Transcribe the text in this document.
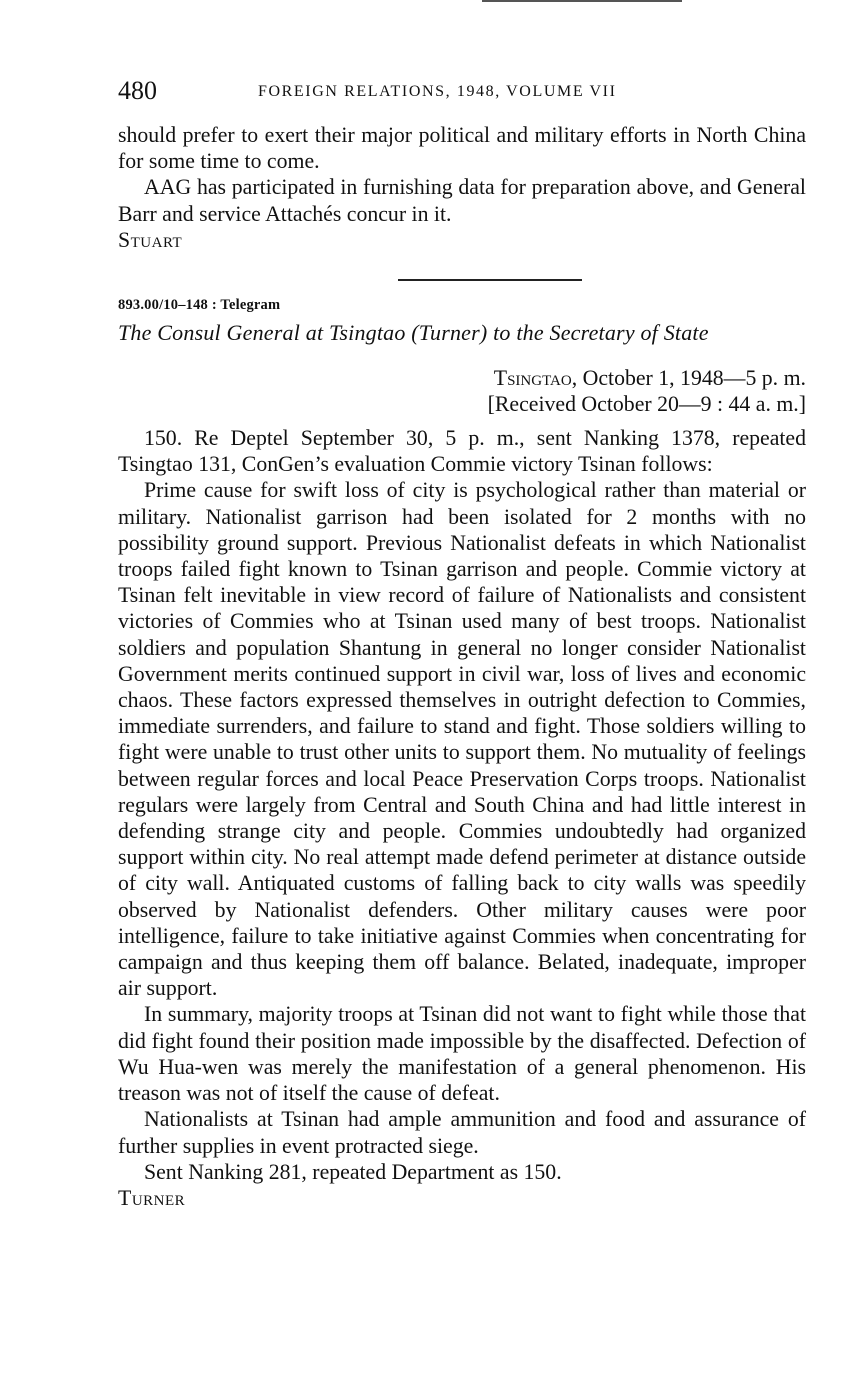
480	FOREIGN RELATIONS, 1948, VOLUME VII

should prefer to exert their major political and military efforts in North China for some time to come.

AAG has participated in furnishing data for preparation above, and General Barr and service Attachés concur in it.

Stuart

893.00/10–148 : Telegram
The Consul General at Tsingtao (Turner) to the Secretary of State
Tsingtao, October 1, 1948—5 p. m.
[Received October 20—9 : 44 a. m.]

150. Re Deptel September 30, 5 p. m., sent Nanking 1378, repeated Tsingtao 131, ConGen’s evaluation Commie victory Tsinan follows:

Prime cause for swift loss of city is psychological rather than material or military. Nationalist garrison had been isolated for 2 months with no possibility ground support. Previous Nationalist defeats in which Nationalist troops failed fight known to Tsinan garrison and people. Commie victory at Tsinan felt inevitable in view record of failure of Nationalists and consistent victories of Commies who at Tsinan used many of best troops. Nationalist soldiers and population Shantung in general no longer consider Nationalist Government merits continued support in civil war, loss of lives and economic chaos. These factors expressed themselves in outright defection to Commies, immediate surrenders, and failure to stand and fight. Those soldiers willing to fight were unable to trust other units to support them. No mutuality of feelings between regular forces and local Peace Preservation Corps troops. Nationalist regulars were largely from Central and South China and had little interest in defending strange city and people. Commies undoubtedly had organized support within city. No real attempt made defend perimeter at distance outside of city wall. Antiquated customs of falling back to city walls was speedily observed by Nationalist defenders. Other military causes were poor intelligence, failure to take initiative against Commies when concentrating for campaign and thus keeping them off balance. Belated, inadequate, improper air support.

In summary, majority troops at Tsinan did not want to fight while those that did fight found their position made impossible by the disaffected. Defection of Wu Hua-wen was merely the manifestation of a general phenomenon. His treason was not of itself the cause of defeat.

Nationalists at Tsinan had ample ammunition and food and assurance of further supplies in event protracted siege.

Sent Nanking 281, repeated Department as 150.

Turner
